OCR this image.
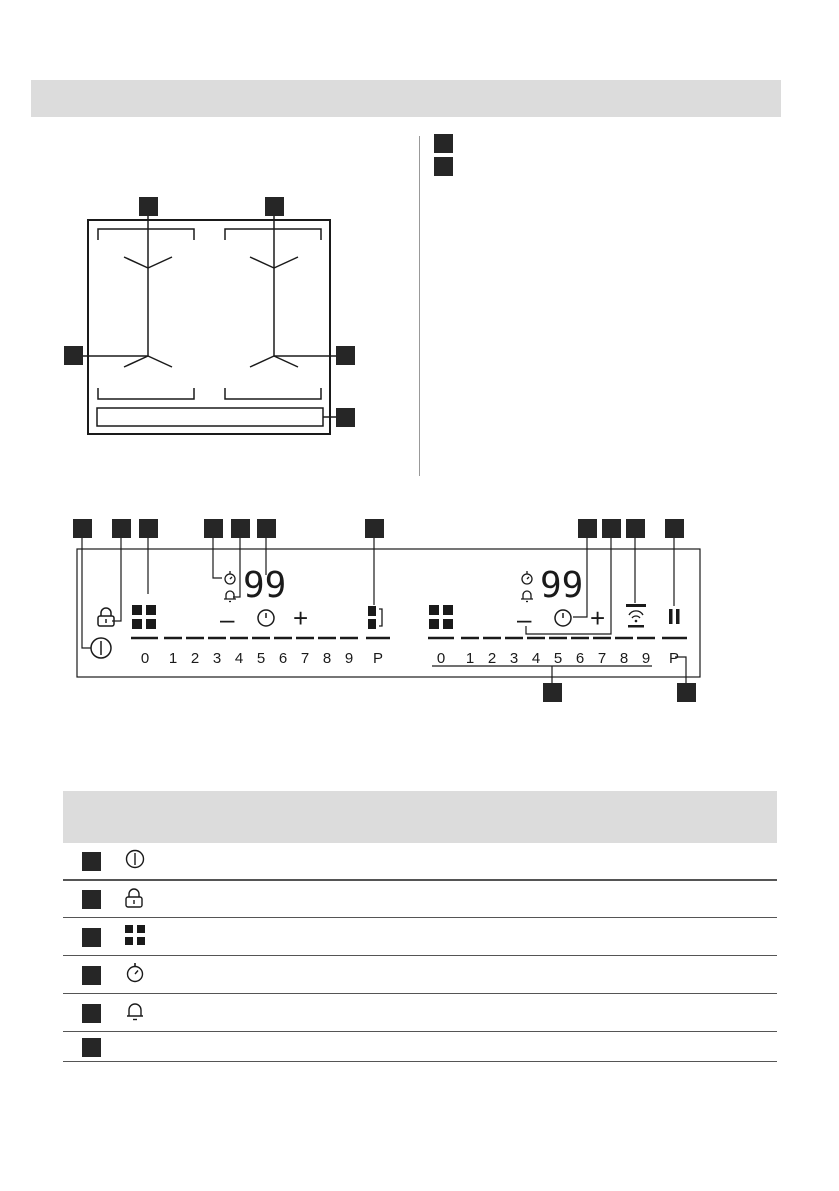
99
– +
0 1 2 3 4 5 6 7 8 9 P
99
– +
0 1 2 3 4 5 6 7 8 9 P
